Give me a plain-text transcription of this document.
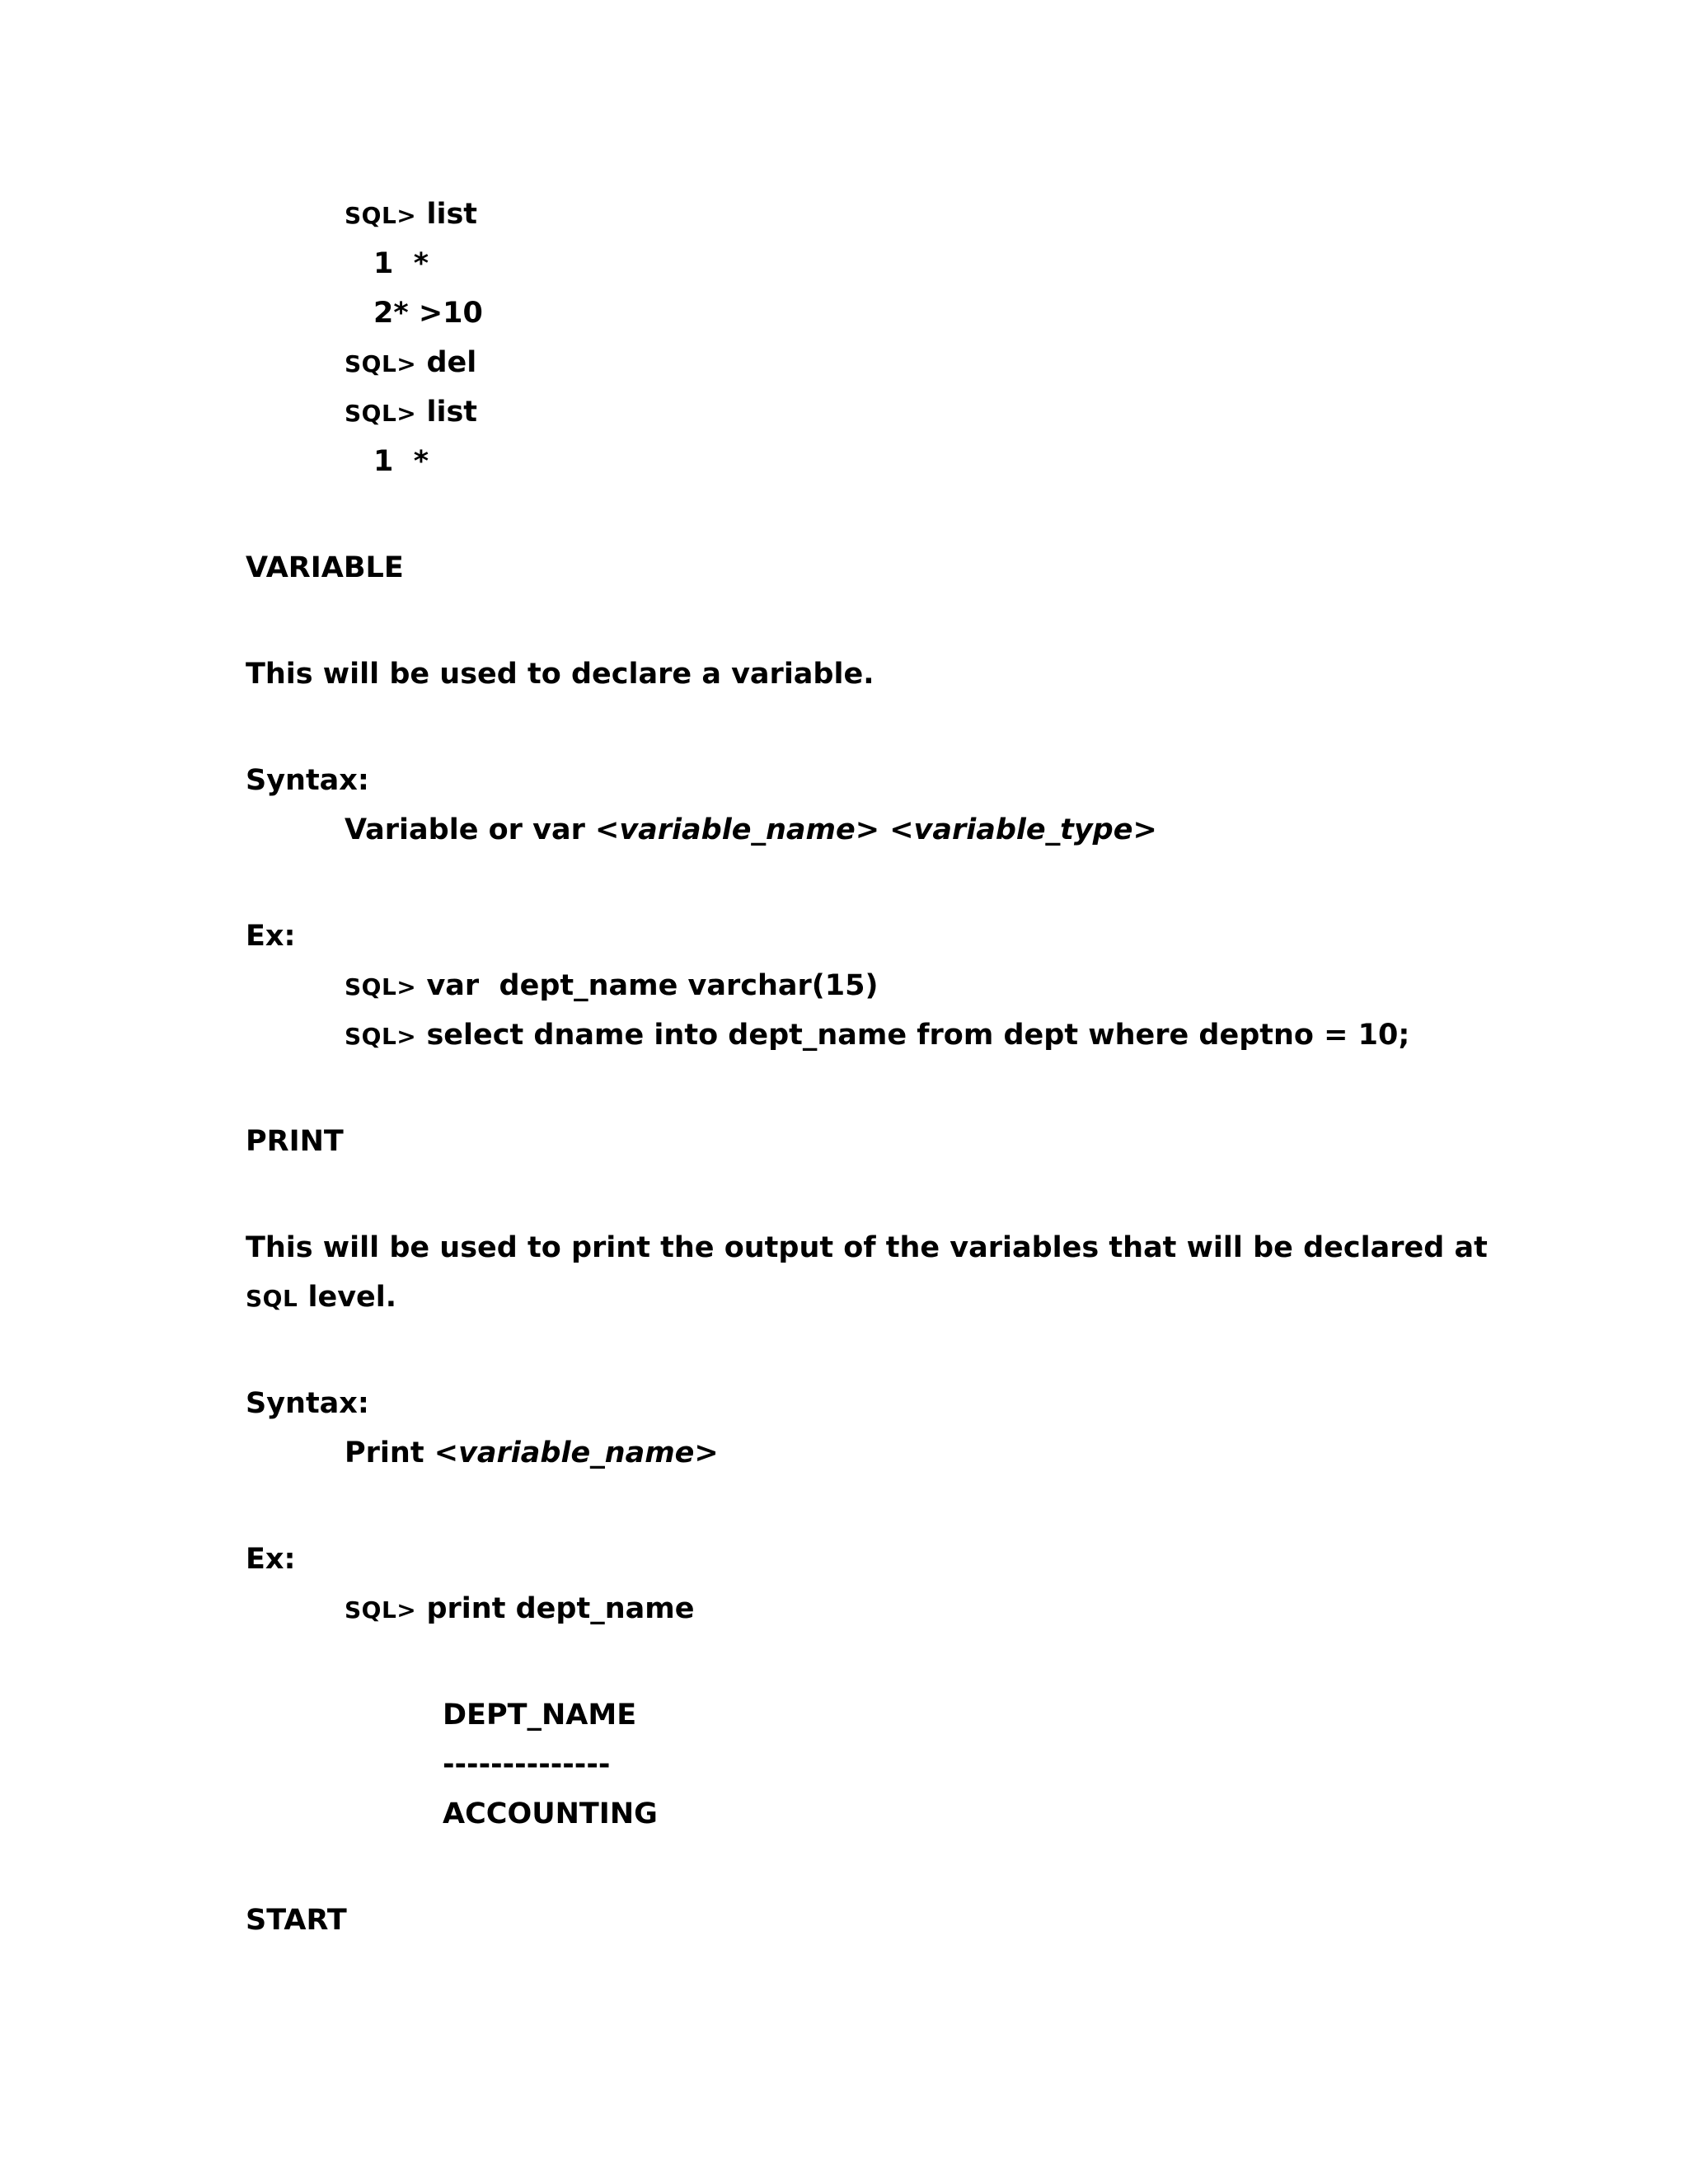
SQL> list
1  *
2* >10
SQL> del
SQL> list
1  *
VARIABLE
This will be used to declare a variable.
Syntax:
Variable or var <variable_name> <variable_type>
Ex:
SQL> var  dept_name varchar(15)
SQL> select dname into dept_name from dept where deptno = 10;
PRINT
This will be used to print the output of the variables that will be declared at
SQL level.
Syntax:
Print <variable_name>
Ex:
SQL> print dept_name
DEPT_NAME
--------------
ACCOUNTING
START
